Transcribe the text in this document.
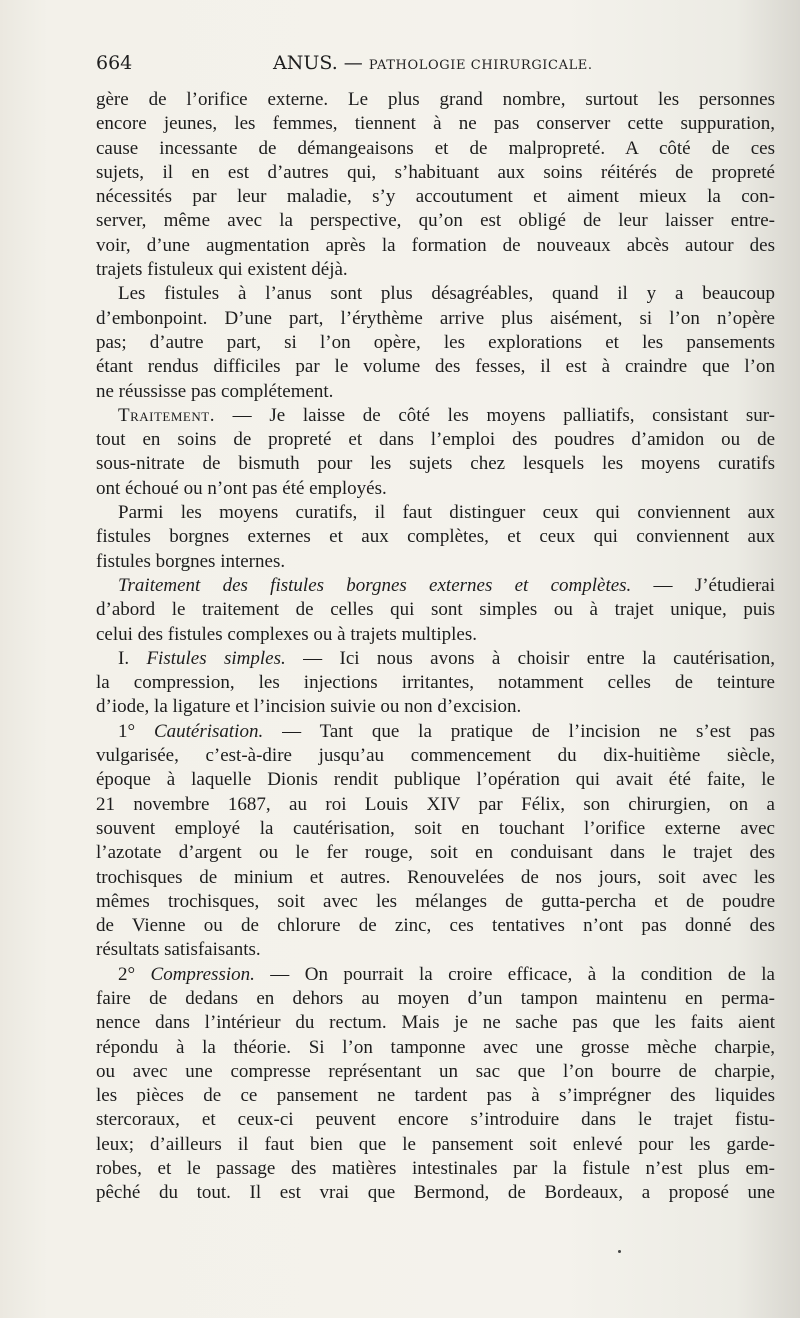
664	ANUS. — PATHOLOGIE CHIRURGICALE.
gère de l’orifice externe. Le plus grand nombre, surtout les personnes
encore jeunes, les femmes, tiennent à ne pas conserver cette suppuration,
cause incessante de démangeaisons et de malpropreté. A côté de ces
sujets, il en est d’autres qui, s’habituant aux soins réitérés de propreté
nécessités par leur maladie, s’y accoutument et aiment mieux la con-
server, même avec la perspective, qu’on est obligé de leur laisser entre-
voir, d’une augmentation après la formation de nouveaux abcès autour des
trajets fistuleux qui existent déjà.
Les fistules à l’anus sont plus désagréables, quand il y a beaucoup
d’embonpoint. D’une part, l’érythème arrive plus aisément, si l’on n’opère
pas; d’autre part, si l’on opère, les explorations et les pansements
étant rendus difficiles par le volume des fesses, il est à craindre que l’on
ne réussisse pas complétement.
Traitement. — Je laisse de côté les moyens palliatifs, consistant sur-
tout en soins de propreté et dans l’emploi des poudres d’amidon ou de
sous-nitrate de bismuth pour les sujets chez lesquels les moyens curatifs
ont échoué ou n’ont pas été employés.
Parmi les moyens curatifs, il faut distinguer ceux qui conviennent aux
fistules borgnes externes et aux complètes, et ceux qui conviennent aux
fistules borgnes internes.
Traitement des fistules borgnes externes et complètes. — J’étudierai
d’abord le traitement de celles qui sont simples ou à trajet unique, puis
celui des fistules complexes ou à trajets multiples.
I. Fistules simples. — Ici nous avons à choisir entre la cautérisation,
la compression, les injections irritantes, notamment celles de teinture
d’iode, la ligature et l’incision suivie ou non d’excision.
1° Cautérisation. — Tant que la pratique de l’incision ne s’est pas
vulgarisée, c’est-à-dire jusqu’au commencement du dix-huitième siècle,
époque à laquelle Dionis rendit publique l’opération qui avait été faite, le
21 novembre 1687, au roi Louis XIV par Félix, son chirurgien, on a
souvent employé la cautérisation, soit en touchant l’orifice externe avec
l’azotate d’argent ou le fer rouge, soit en conduisant dans le trajet des
trochisques de minium et autres. Renouvelées de nos jours, soit avec les
mêmes trochisques, soit avec les mélanges de gutta-percha et de poudre
de Vienne ou de chlorure de zinc, ces tentatives n’ont pas donné des
résultats satisfaisants.
2° Compression. — On pourrait la croire efficace, à la condition de la
faire de dedans en dehors au moyen d’un tampon maintenu en perma-
nence dans l’intérieur du rectum. Mais je ne sache pas que les faits aient
répondu à la théorie. Si l’on tamponne avec une grosse mèche charpie,
ou avec une compresse représentant un sac que l’on bourre de charpie,
les pièces de ce pansement ne tardent pas à s’imprégner des liquides
stercoraux, et ceux-ci peuvent encore s’introduire dans le trajet fistu-
leux; d’ailleurs il faut bien que le pansement soit enlevé pour les garde-
robes, et le passage des matières intestinales par la fistule n’est plus em-
pêché du tout. Il est vrai que Bermond, de Bordeaux, a proposé une
